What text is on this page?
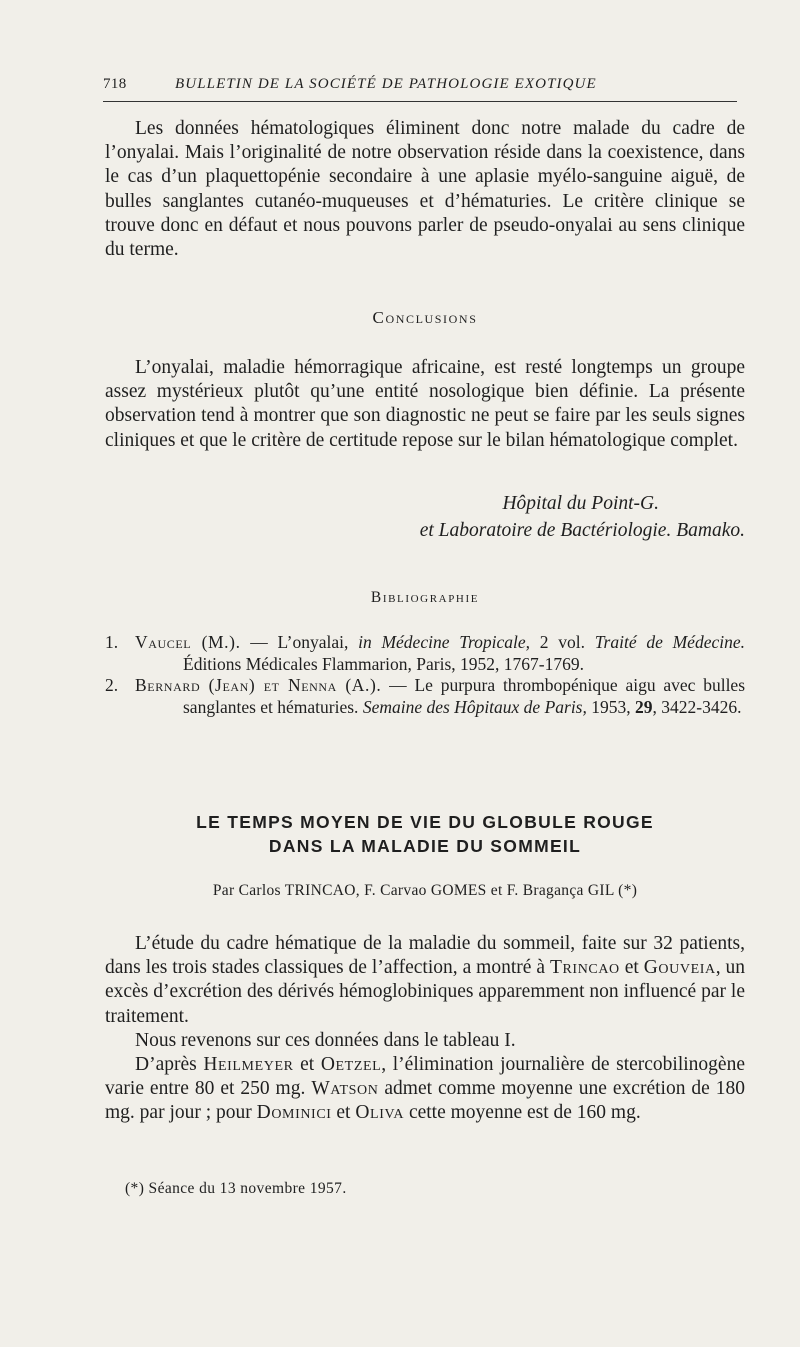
718	BULLETIN DE LA SOCIÉTÉ DE PATHOLOGIE EXOTIQUE

Les données hématologiques éliminent donc notre malade du cadre de l’onyalai. Mais l’originalité de notre observation réside dans la coexistence, dans le cas d’un plaquettopénie secondaire à une aplasie myélo-sanguine aiguë, de bulles sanglantes cutanéo-muqueuses et d’hématuries. Le critère clinique se trouve donc en défaut et nous pouvons parler de pseudo-onyalai au sens clinique du terme.

Conclusions

L’onyalai, maladie hémorragique africaine, est resté longtemps un groupe assez mystérieux plutôt qu’une entité nosologique bien définie. La présente observation tend à montrer que son diagnostic ne peut se faire par les seuls signes cliniques et que le critère de certitude repose sur le bilan hématologique complet.

Hôpital du Point-G.
et Laboratoire de Bactériologie. Bamako.
Bibliographie
1. Vaucel (M.). — L’onyalai, in Médecine Tropicale, 2 vol. Traité de Médecine. Éditions Médicales Flammarion, Paris, 1952, 1767-1769.
2. Bernard (Jean) et Nenna (A.). — Le purpura thrombopénique aigu avec bulles sanglantes et hématuries. Semaine des Hôpitaux de Paris, 1953, 29, 3422-3426.
LE TEMPS MOYEN DE VIE DU GLOBULE ROUGE
DANS LA MALADIE DU SOMMEIL
Par Carlos TRINCAO, F. Carvao GOMES et F. Bragança GIL (*)

L’étude du cadre hématique de la maladie du sommeil, faite sur 32 patients, dans les trois stades classiques de l’affection, a montré à Trincao et Gouveia, un excès d’excrétion des dérivés hémoglobiniques apparemment non influencé par le traitement.

Nous revenons sur ces données dans le tableau I.

D’après Heilmeyer et Oetzel, l’élimination journalière de stercobilinogène varie entre 80 et 250 mg. Watson admet comme moyenne une excrétion de 180 mg. par jour ; pour Dominici et Oliva cette moyenne est de 160 mg.

(*) Séance du 13 novembre 1957.
